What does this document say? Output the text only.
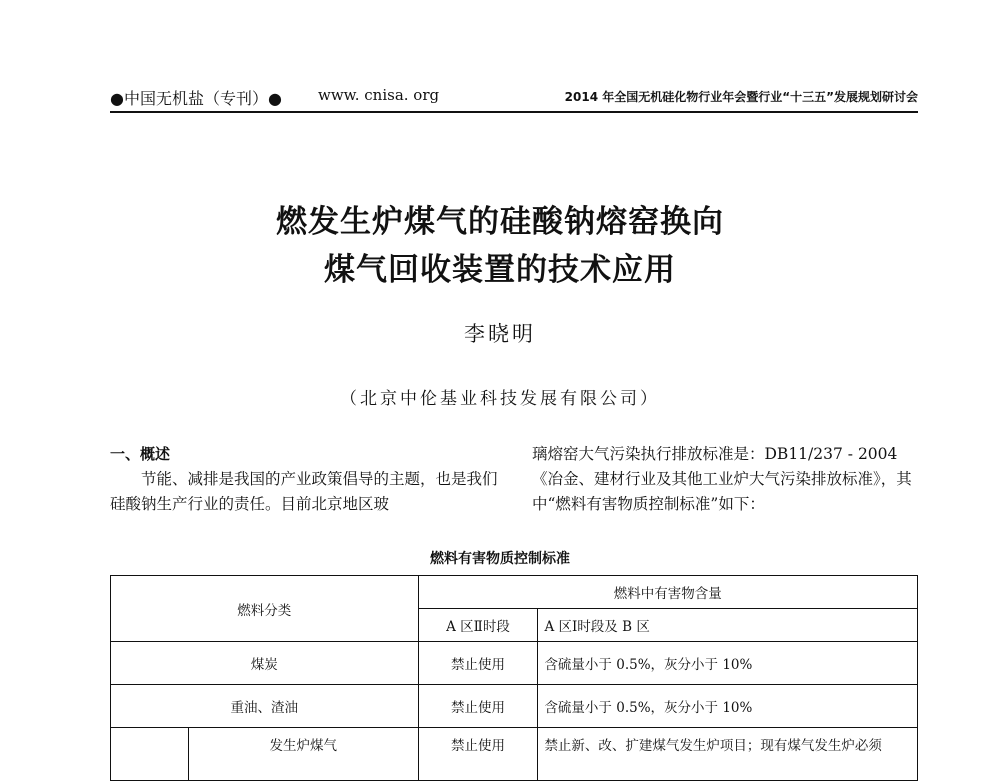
●中国无机盐（专刊）● www. cnisa. org	2014 年全国无机硅化物行业年会暨行业“十三五”发展规划研讨会
燃发生炉煤气的硅酸钠熔窑换向
煤气回收装置的技术应用
李晓明
（北京中伦基业科技发展有限公司）

一、概述

节能、减排是我国的产业政策倡导的主题，也是我们硅酸钠生产行业的责任。目前北京地区玻

璃熔窑大气污染执行排放标准是：DB11/237 - 2004《冶金、建材行业及其他工业炉大气污染排放标准》，其中“燃料有害物质控制标准”如下：

燃料有害物质控制标准
燃料分类		燃料中有害物含量	
		A 区Ⅱ时段	A 区Ⅰ时段及 B 区
煤炭		禁止使用	含硫量小于 0.5%，灰分小于 10%
重油、渣油		禁止使用	含硫量小于 0.5%，灰分小于 10%
	发生炉煤气	禁止使用	禁止新、改、扩建煤气发生炉项目；现有煤气发生炉必须
